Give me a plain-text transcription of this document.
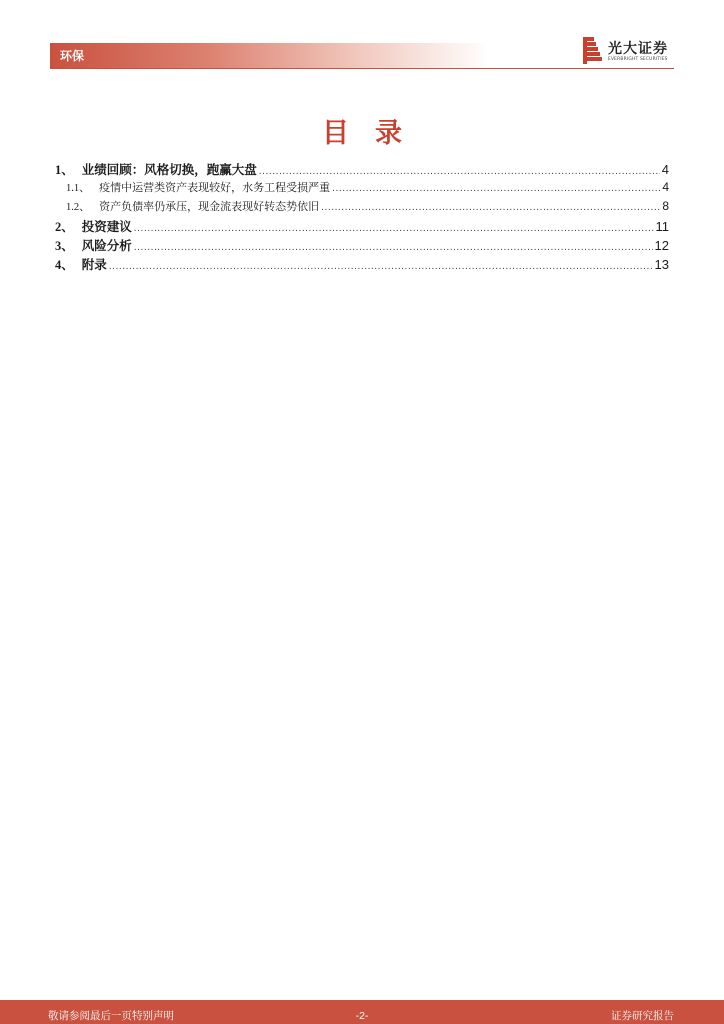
环保	光大证券
EVERBRIGHT SECURITIES
目录
1 、 业绩回顾：风格切换，跑赢大盘 .....	4
1.1 、 疫情中运营类资产表现较好，水务工程受损严重 .....	4
1.2 、 资产负债率仍承压，现金流表现好转态势依旧 .....	8
2 、 投资建议 .....	11
3 、 风险分析 .....	12
4 、 附录 .....	13
敬请参阅最后一页特别声明	-2-	证券研究报告
